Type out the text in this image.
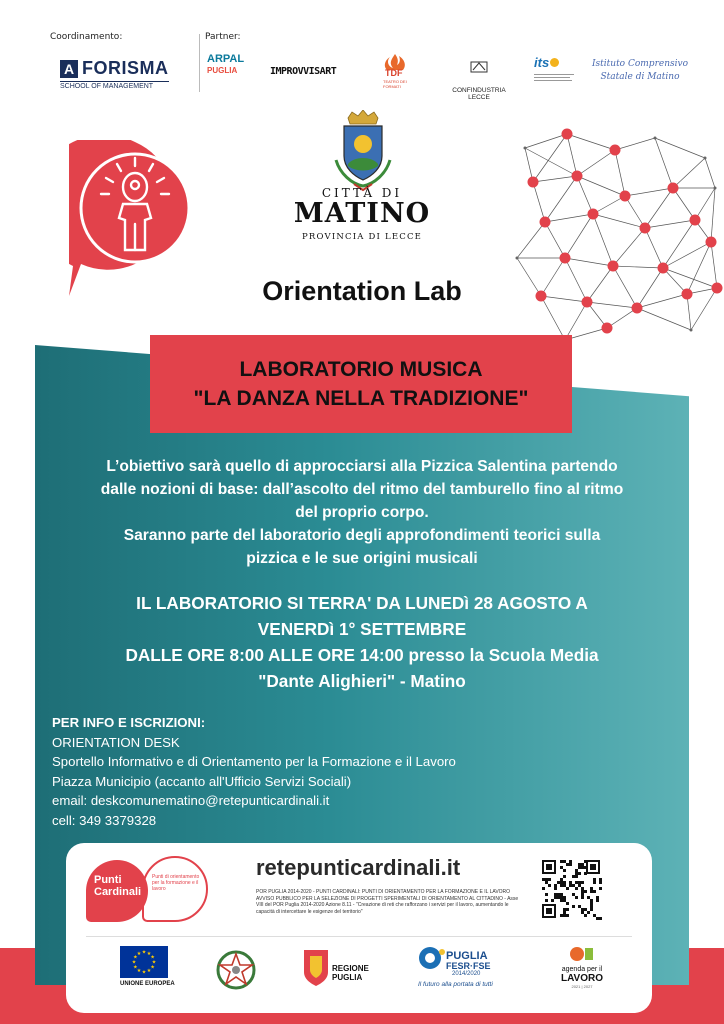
Coordinamento:	Partner:
A FORISMA
SCHOOL OF MANAGEMENT
ARPAL
PUGLIA	IMPROVVISART	TDF
TEATRO DEI FORMATI
CONFINDUSTRIA LECCE
its	Istituto Comprensivo
Statale di Matino
CITTÀ DI
MATINO
PROVINCIA DI LECCE
Orientation Lab
LABORATORIO MUSICA
"LA DANZA NELLA TRADIZIONE"
L’obiettivo sarà quello di approcciarsi alla Pizzica Salentina partendo
dalle nozioni di base: dall’ascolto del ritmo del tamburello fino al ritmo
del proprio corpo.
Saranno parte del laboratorio degli approfondimenti teorici sulla
pizzica e le sue origini musicali
IL LABORATORIO SI TERRA' DA LUNEDì 28 AGOSTO A
VENERDì 1° SETTEMBRE
DALLE ORE 8:00 ALLE ORE 14:00 presso la Scuola Media
"Dante Alighieri" - Matino
PER INFO E ISCRIZIONI:
ORIENTATION DESK
Sportello Informativo e di Orientamento per la Formazione e il Lavoro
Piazza Municipio (accanto all'Ufficio Servizi Sociali)
email: deskcomunematino@retepunticardinali.it
cell: 349 3379328
Punti di orientamento per la formazione e il lavoro
Punti Cardinali
retepunticardinali.it
POR PUGLIA 2014-2020 - PUNTI CARDINALI: PUNTI DI ORIENTAMENTO PER LA FORMAZIONE E IL LAVORO AVVISO PUBBLICO PER LA SELEZIONE DI PROGETTI SPERIMENTALI DI ORIENTAMENTO AL CITTADINO - Asse VIII del POR Puglia 2014-2020 Azione 8.11 - "Creazione di reti che rafforzano i servizi per il lavoro, aumentando le capacità di intercettare le esigenze del territorio"
★
★
★
★
★
★
★
★
★ ★ ★
★
UNIONE EUROPEA
REGIONE
PUGLIA
PUGLIA
FESR·FSE
2014/2020
Il futuro alla portata di tutti
agenda per il
LAVORO
2021 | 2027
